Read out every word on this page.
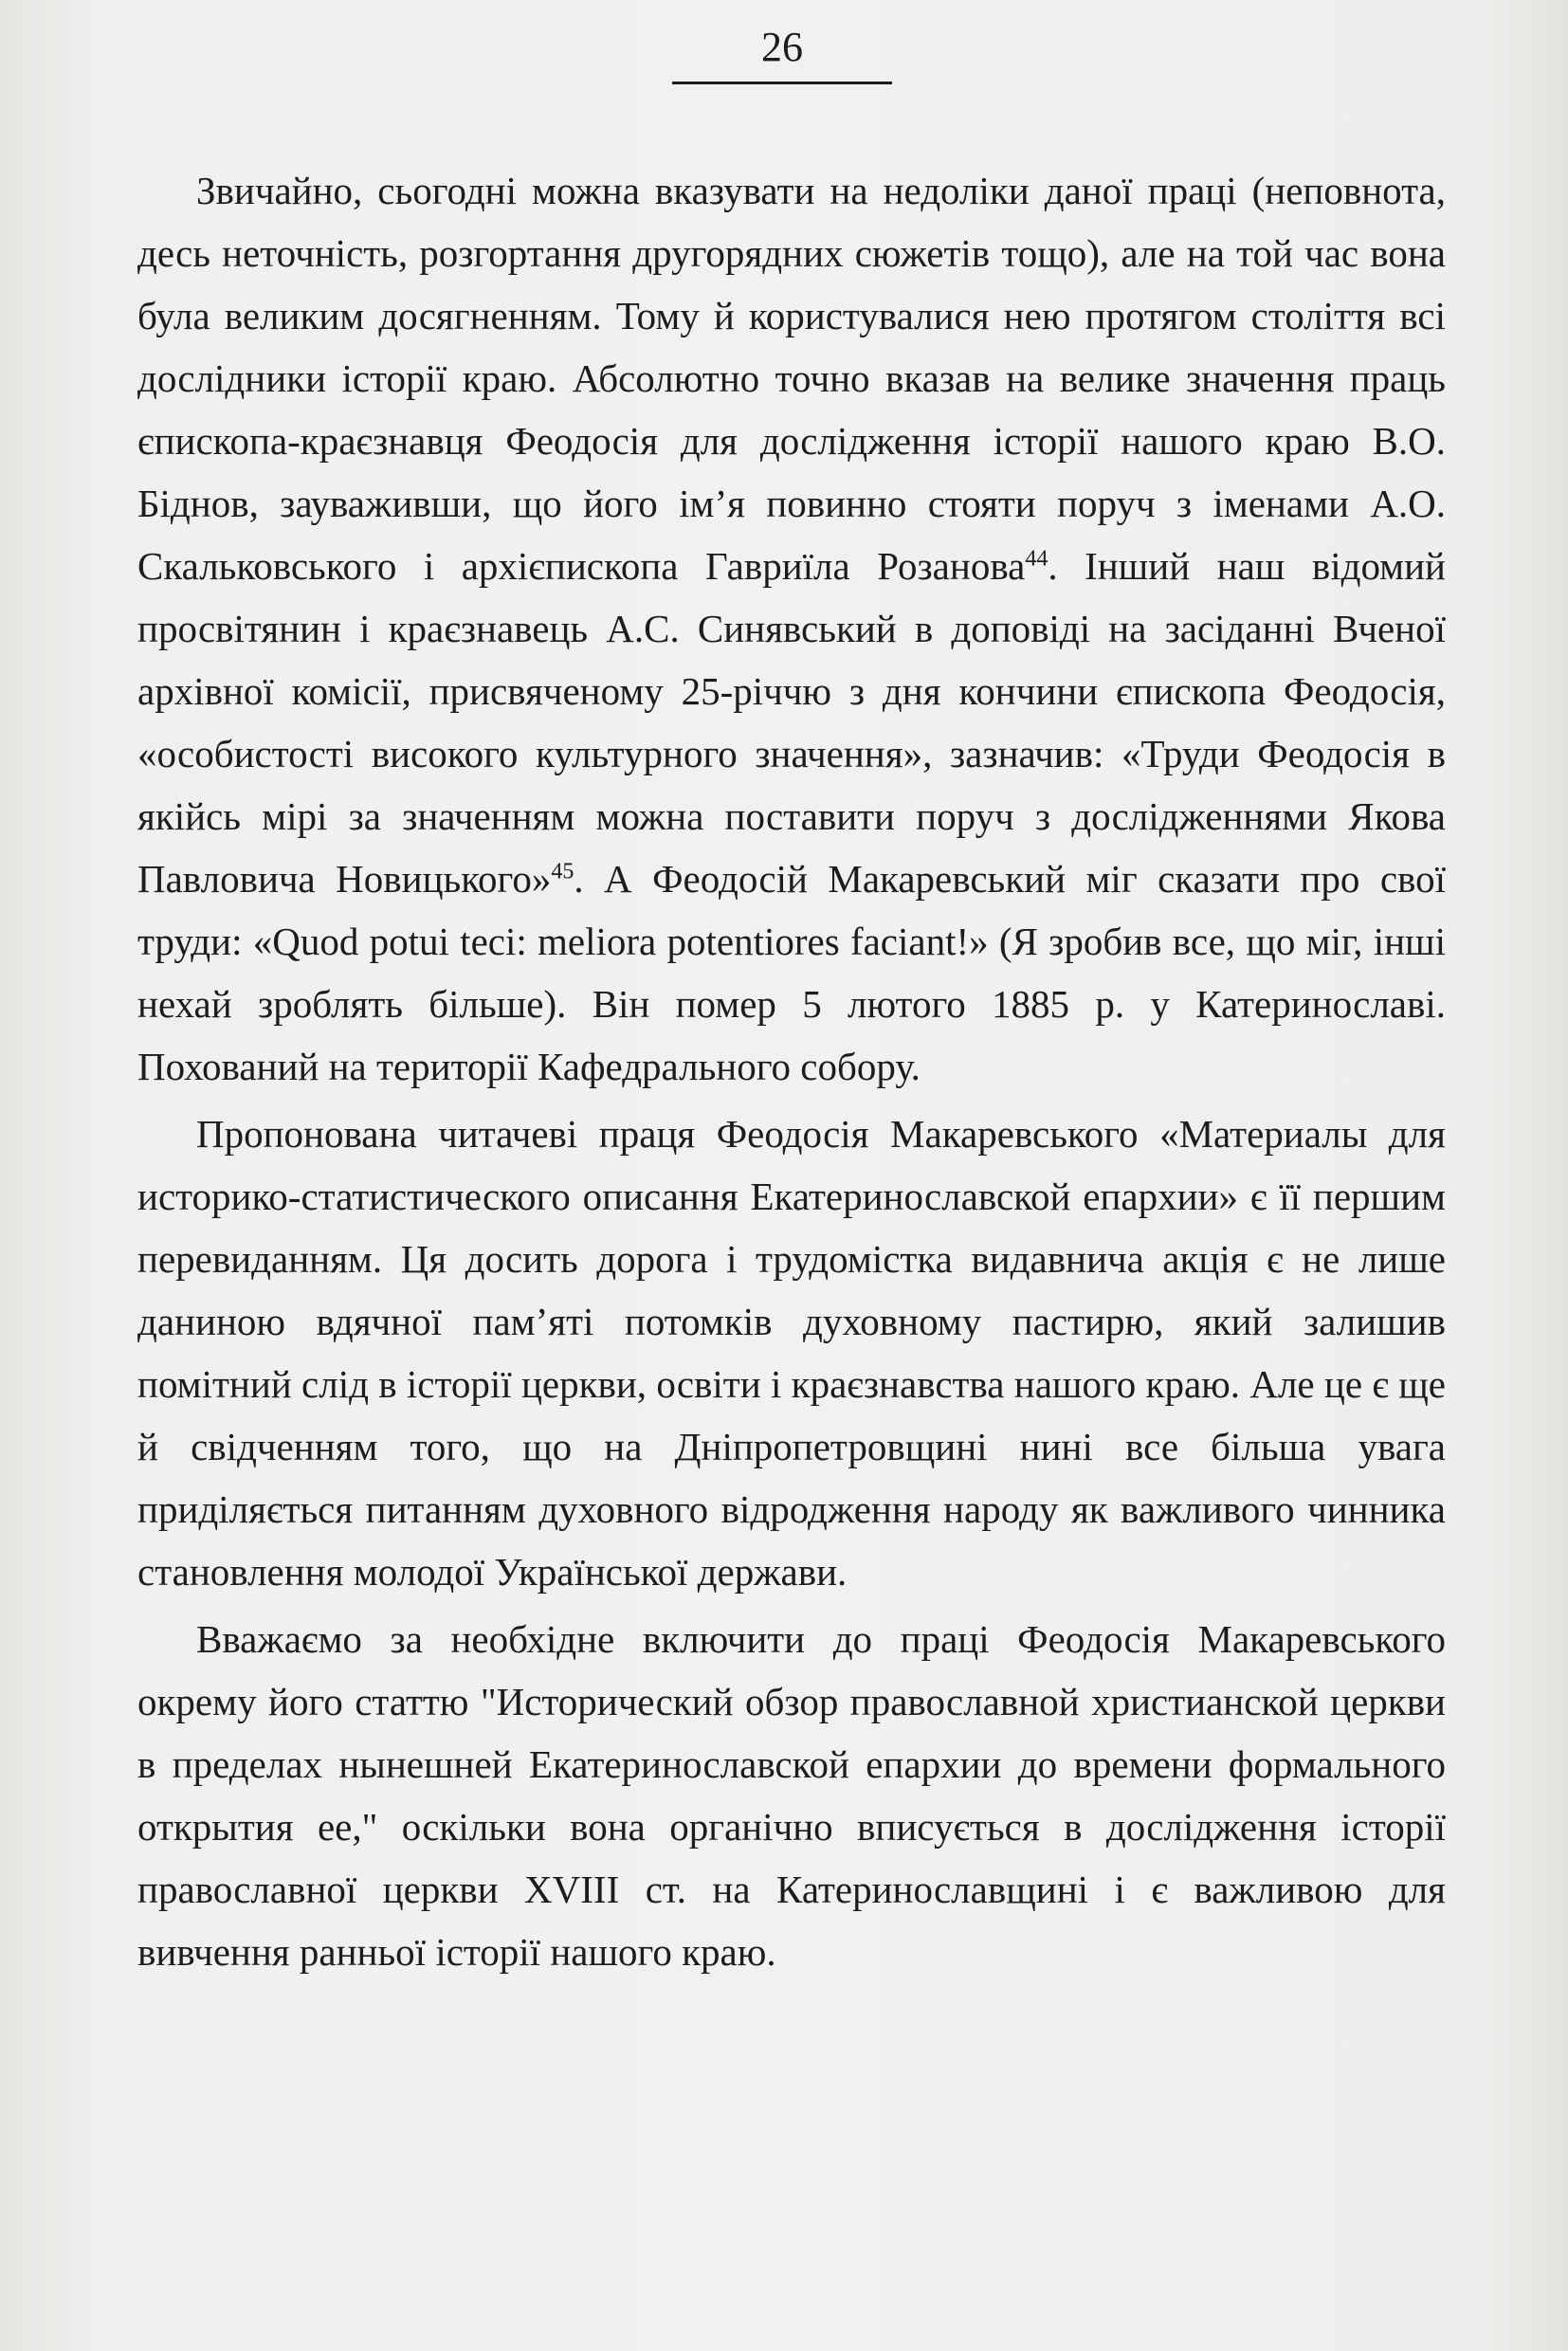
26

Звичайно, сьогодні можна вказувати на недоліки даної праці (неповнота, десь неточність, розгортання другорядних сюжетів тощо), але на той час вона була великим досягненням. Тому й користувалися нею протягом століття всі дослідники історії краю. Абсолютно точно вказав на велике значення праць єпископа-краєзнавця Феодосія для дослідження історії нашого краю В.О. Біднов, зауваживши, що його ім’я повинно стояти поруч з іменами А.О. Скальковського і архієпископа Гавриїла Розанова$^{44}$. Інший наш відомий просвітянин і краєзнавець А.С. Синявський в доповіді на засіданні Вченої архівної комісії, присвяченому 25-річчю з дня кончини єпископа Феодосія, «особистості високого культурного значення», зазначив: «Труди Феодосія в якійсь мірі за значенням можна поставити поруч з дослідженнями Якова Павловича Новицького»$^{45}$. А Феодосій Макаревський міг сказати про свої труди: «Quod potui teci: meliora potentiores faciant!» (Я зробив все, що міг, інші нехай зроблять більше). Він помер 5 лютого 1885 р. у Катеринославі. Похований на території Кафедрального собору.

Пропонована читачеві праця Феодосія Макаревського «Материалы для историко-статистического описання Екатеринославской епархии» є її першим перевиданням. Ця досить дорога і трудомістка видавнича акція є не лише даниною вдячної пам’яті потомків духовному пастирю, який залишив помітний слід в історії церкви, освіти і краєзнавства нашого краю. Але це є ще й свідченням того, що на Дніпропетровщині нині все більша увага приділяється питанням духовного відродження народу як важливого чинника становлення молодої Української держави.

Вважаємо за необхідне включити до праці Феодосія Макаревського окрему його статтю "Исторический обзор православной христианской церкви в пределах нынешней Екатеринославской епархии до времени формального открытия ее," оскільки вона органічно вписується в дослідження історії православної церкви XVIII ст. на Катеринославщині і є важливою для вивчення ранньої історії нашого краю.
